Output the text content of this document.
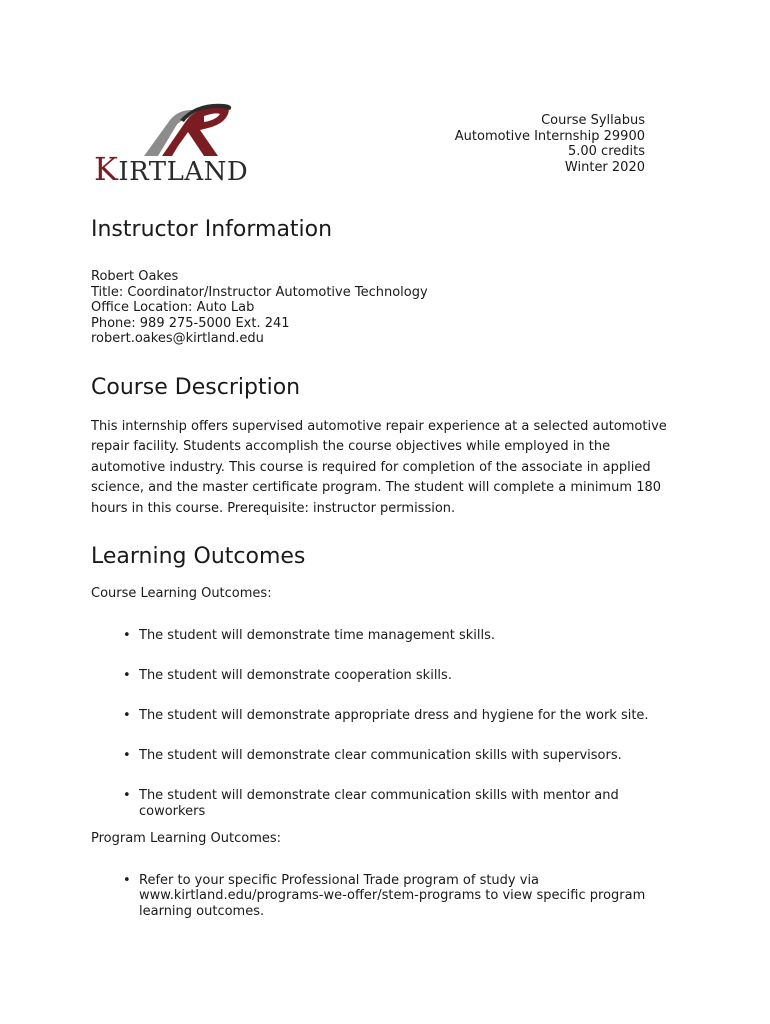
KIRTLAND
Course Syllabus
Automotive Internship 29900
5.00 credits
Winter 2020
Instructor Information
Robert Oakes
Title: Coordinator/Instructor Automotive Technology
Office Location: Auto Lab
Phone: 989 275-5000 Ext. 241
robert.oakes@kirtland.edu
Course Description
This internship offers supervised automotive repair experience at a selected automotive repair facility. Students accomplish the course objectives while employed in the automotive industry. This course is required for completion of the associate in applied science, and the master certificate program. The student will complete a minimum 180 hours in this course. Prerequisite: instructor permission.
Learning Outcomes
Course Learning Outcomes:
• The student will demonstrate time management skills.
• The student will demonstrate cooperation skills.
• The student will demonstrate appropriate dress and hygiene for the work site.
• The student will demonstrate clear communication skills with supervisors.
• The student will demonstrate clear communication skills with mentor and coworkers
Program Learning Outcomes:
• Refer to your specific Professional Trade program of study via www.kirtland.edu/programs-we-offer/stem-programs to view specific program learning outcomes.
